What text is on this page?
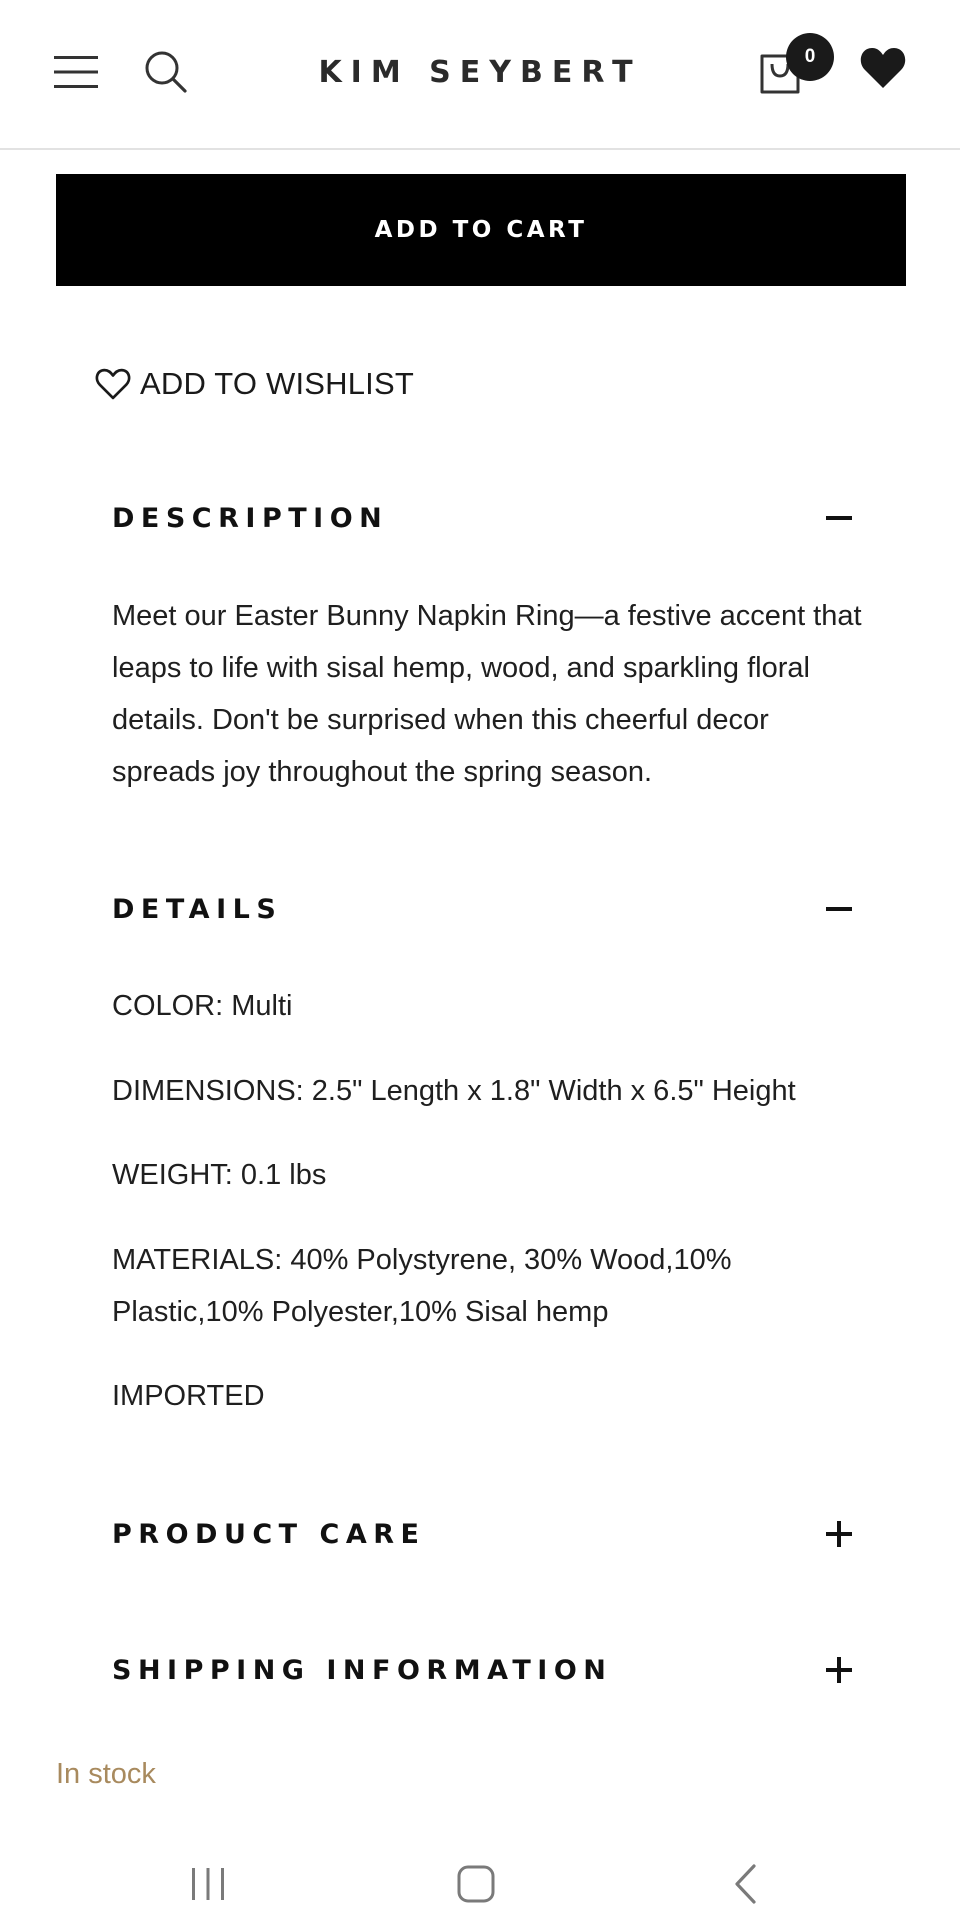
KIM SEYBERT	0
ADD TO CART
ADD TO WISHLIST
DESCRIPTION

Meet our Easter Bunny Napkin Ring—a festive accent that leaps to life with sisal hemp, wood, and sparkling floral details. Don't be surprised when this cheerful decor spreads joy throughout the spring season.

DETAILS
COLOR: Multi
DIMENSIONS: 2.5" Length x 1.8" Width x 6.5" Height
WEIGHT: 0.1 lbs
MATERIALS: 40% Polystyrene, 30% Wood,10% Plastic,10% Polyester,10% Sisal hemp
IMPORTED
PRODUCT CARE
SHIPPING INFORMATION
In stock
